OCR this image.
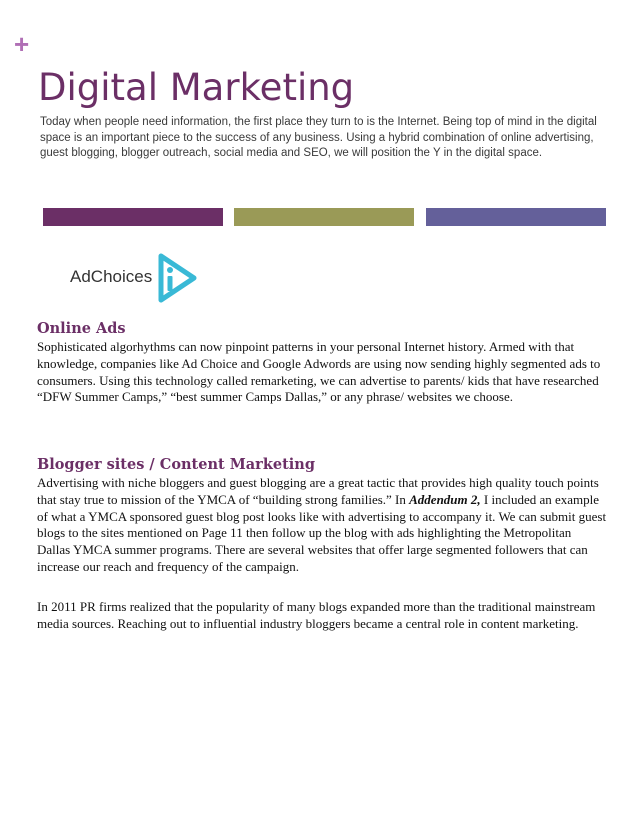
+
Digital Marketing

Today when people need information, the first place they turn to is the Internet. Being top of mind in the digital space is an important piece to the success of any business. Using a hybrid combination of online advertising, guest blogging, blogger outreach, social media and SEO, we will position the Y in the digital space.

AdChoices
Online Ads

Sophisticated algorhythms can now pinpoint patterns in your personal Internet history. Armed with that knowledge, companies like Ad Choice and Google Adwords are using now sending highly segmented ads to consumers. Using this technology called remarketing, we can advertise to parents/ kids that have researched “DFW Summer Camps,” “best summer Camps Dallas,” or any phrase/ websites we choose.

Blogger sites / Content Marketing

Advertising with niche bloggers and guest blogging are a great tactic that provides high quality touch points that stay true to mission of the YMCA of “building strong families.” In Addendum 2, I included an example of what a YMCA sponsored guest blog post looks like with advertising to accompany it. We can submit guest blogs to the sites mentioned on Page 11 then follow up the blog with ads highlighting the Metropolitan Dallas YMCA summer programs. There are several websites that offer large segmented followers that can increase our reach and frequency of the campaign.

In 2011 PR firms realized that the popularity of many blogs expanded more than the traditional mainstream media sources. Reaching out to influential industry bloggers became a central role in content marketing.
